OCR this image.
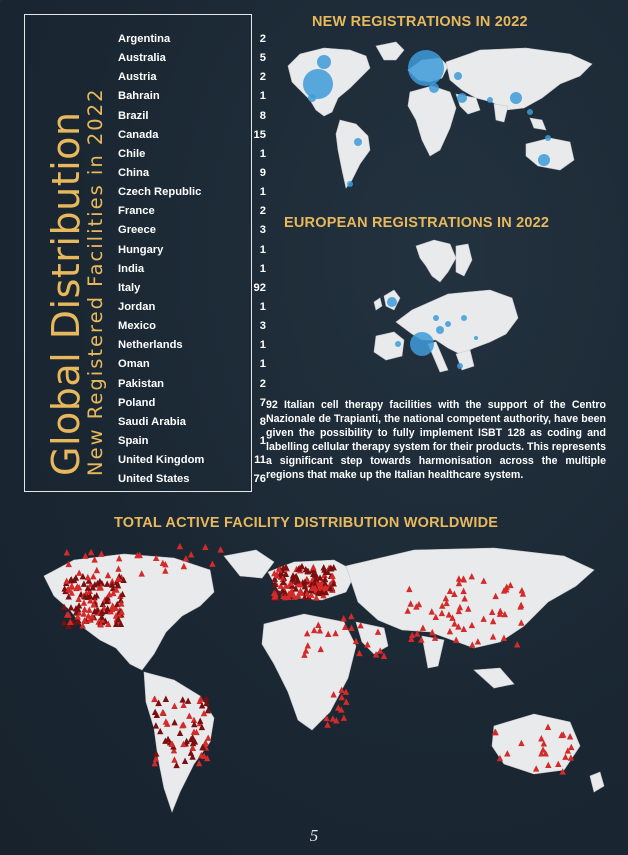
Global Distribution
New Registered Facilities in 2022
Argentina	2
Australia	5
Austria	2
Bahrain	1
Brazil	8
Canada	15
Chile	1
China	9
Czech Republic	1
France	2
Greece	3
Hungary	1
India	1
Italy	92
Jordan	1
Mexico	3
Netherlands	1
Oman	1
Pakistan	2
Poland	7
Saudi Arabia	8
Spain	1
United Kingdom	11
United States	76
NEW REGISTRATIONS IN 2022
EUROPEAN REGISTRATIONS IN 2022
TOTAL ACTIVE FACILITY DISTRIBUTION WORLDWIDE
92 Italian cell therapy facilities with the support of the Centro Nazionale de Trapianti, the national competent authority, have been given the possibility to fully implement ISBT 128 as coding and labelling cellular therapy system for their products. This represents a significant step towards harmonisation across the multiple regions that make up the Italian healthcare system.
5
